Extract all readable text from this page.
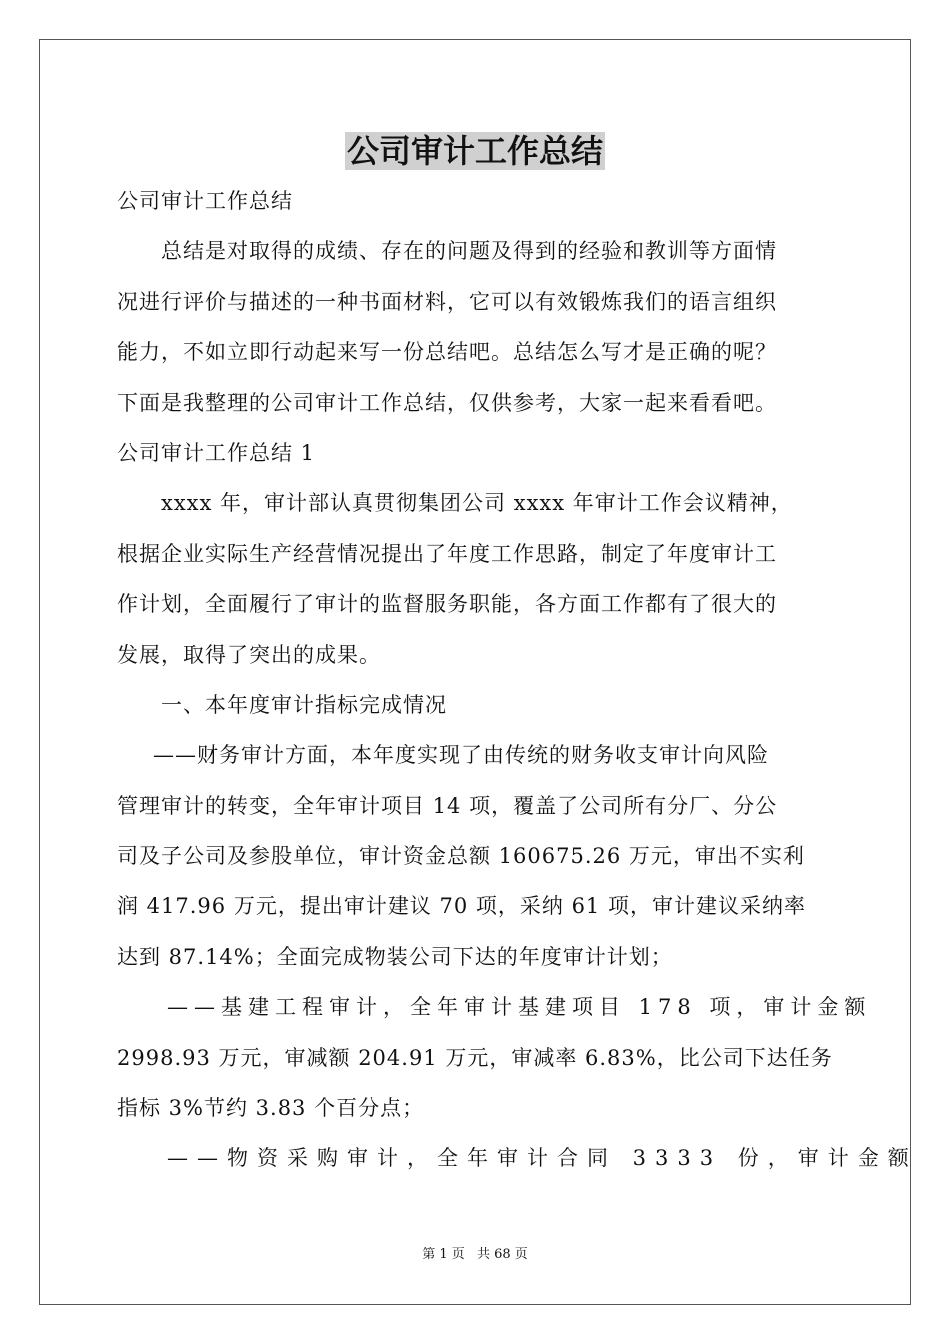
公司审计工作总结
公司审计工作总结
总结是对取得的成绩、存在的问题及得到的经验和教训等方面情
况进行评价与描述的一种书面材料，它可以有效锻炼我们的语言组织
能力，不如立即行动起来写一份总结吧。总结怎么写才是正确的呢？
下面是我整理的公司审计工作总结，仅供参考，大家一起来看看吧。
公司审计工作总结 1
xxxx 年，审计部认真贯彻集团公司 xxxx 年审计工作会议精神，
根据企业实际生产经营情况提出了年度工作思路，制定了年度审计工
作计划，全面履行了审计的监督服务职能，各方面工作都有了很大的
发展，取得了突出的成果。
一、本年度审计指标完成情况
——财务审计方面，本年度实现了由传统的财务收支审计向风险
管理审计的转变，全年审计项目 14 项，覆盖了公司所有分厂、分公
司及子公司及参股单位，审计资金总额 160675.26 万元，审出不实利
润 417.96 万元，提出审计建议 70 项，采纳 61 项，审计建议采纳率
达到 87.14%；全面完成物装公司下达的年度审计计划；
——基建工程审计，全年审计基建项目 178 项，审计金额
2998.93 万元，审减额 204.91 万元，审减率 6.83%，比公司下达任务
指标 3%节约 3.83 个百分点；
——物资采购审计，全年审计合同 3333 份，审计金额
第 1 页 共 68 页
